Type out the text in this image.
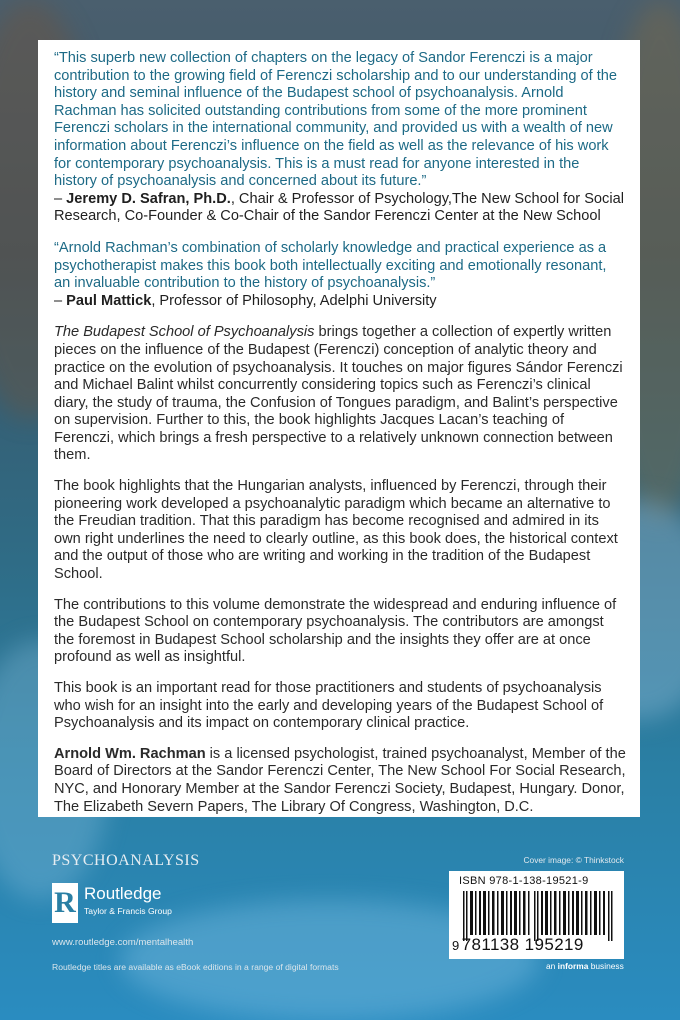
“This superb new collection of chapters on the legacy of Sandor Ferenczi is a major contribution to the growing field of Ferenczi scholarship and to our understanding of the history and seminal influence of the Budapest school of psychoanalysis. Arnold Rachman has solicited outstanding contributions from some of the more prominent Ferenczi scholars in the international community, and provided us with a wealth of new information about Ferenczi’s influence on the field as well as the relevance of his work for contemporary psychoanalysis. This is a must read for anyone interested in the history of psychoanalysis and concerned about its future.”

– Jeremy D. Safran, Ph.D., Chair & Professor of Psychology,The New School for Social Research, Co-Founder & Co-Chair of the Sandor Ferenczi Center at the New School

“Arnold Rachman’s combination of scholarly knowledge and practical experience as a psychotherapist makes this book both intellectually exciting and emotionally resonant, an invaluable contribution to the history of psychoanalysis.”

– Paul Mattick, Professor of Philosophy, Adelphi University

The Budapest School of Psychoanalysis brings together a collection of expertly written pieces on the influence of the Budapest (Ferenczi) conception of analytic theory and practice on the evolution of psychoanalysis. It touches on major figures Sándor Ferenczi and Michael Balint whilst concurrently considering topics such as Ferenczi’s clinical diary, the study of trauma, the Confusion of Tongues paradigm, and Balint’s perspective on supervision. Further to this, the book highlights Jacques Lacan’s teaching of Ferenczi, which brings a fresh perspective to a relatively unknown connection between them.

The book highlights that the Hungarian analysts, influenced by Ferenczi, through their pioneering work developed a psychoanalytic paradigm which became an alternative to the Freudian tradition. That this paradigm has become recognised and admired in its own right underlines the need to clearly outline, as this book does, the historical context and the output of those who are writing and working in the tradition of the Budapest School.

The contributions to this volume demonstrate the widespread and enduring influence of the Budapest School on contemporary psychoanalysis. The contributors are amongst the foremost in Budapest School scholarship and the insights they offer are at once profound as well as insightful.

This book is an important read for those practitioners and students of psychoanalysis who wish for an insight into the early and developing years of the Budapest School of Psychoanalysis and its impact on contemporary clinical practice.

Arnold Wm. Rachman is a licensed psychologist, trained psychoanalyst, Member of the Board of Directors at the Sandor Ferenczi Center, The New School For Social Research, NYC, and Honorary Member at the Sandor Ferenczi Society, Budapest, Hungary. Donor, The Elizabeth Severn Papers, The Library Of Congress, Washington, D.C.

PSYCHOANALYSIS	Cover image: © Thinkstock
R Routledge
Taylor & Francis Group
www.routledge.com/mentalhealth
Routledge titles are available as eBook editions in a range of digital formats
ISBN 978-1-138-19521-9
9 781138 195219
an informa business
